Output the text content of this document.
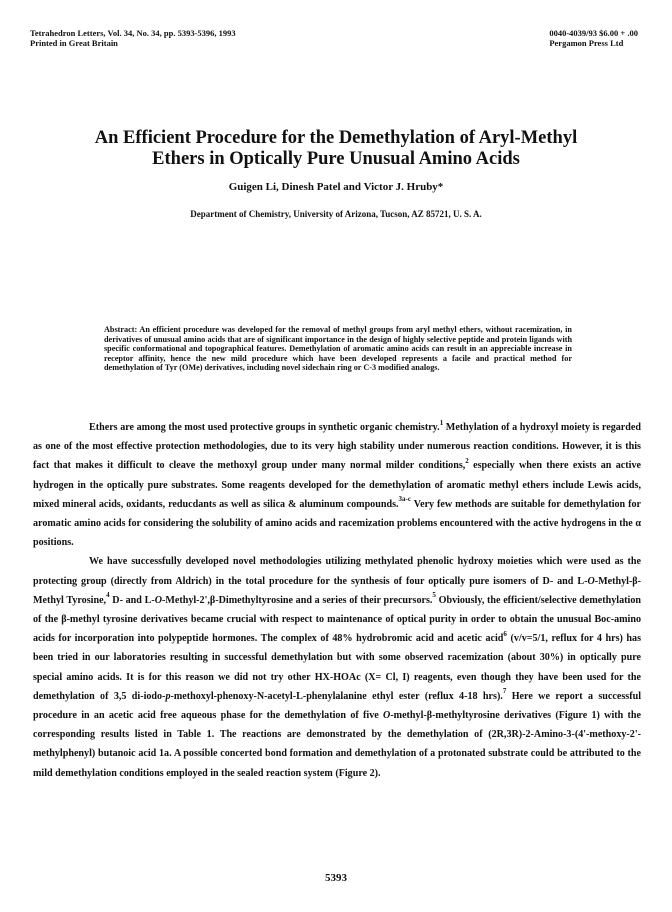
Tetrahedron Letters, Vol. 34, No. 34, pp. 5393-5396, 1993
Printed in Great Britain
0040-4039/93 $6.00 + .00
Pergamon Press Ltd
An Efficient Procedure for the Demethylation of Aryl-Methyl
Ethers in Optically Pure Unusual Amino Acids
Guigen Li, Dinesh Patel and Victor J. Hruby*
Department of Chemistry, University of Arizona, Tucson, AZ 85721, U. S. A.
Abstract: An efficient procedure was developed for the removal of methyl groups from aryl methyl ethers, without racemization, in derivatives of unusual amino acids that are of significant importance in the design of highly selective peptide and protein ligands with specific conformational and topographical features. Demethylation of aromatic amino acids can result in an appreciable increase in receptor affinity, hence the new mild procedure which have been developed represents a facile and practical method for demethylation of Tyr (OMe) derivatives, including novel sidechain ring or C-3 modified analogs.

Ethers are among the most used protective groups in synthetic organic chemistry.$^1$ Methylation of a hydroxyl moiety is regarded as one of the most effective protection methodologies, due to its very high stability under numerous reaction conditions. However, it is this fact that makes it difficult to cleave the methoxyl group under many normal milder conditions,$^2$ especially when there exists an active hydrogen in the optically pure substrates. Some reagents developed for the demethylation of aromatic methyl ethers include Lewis acids, mixed mineral acids, oxidants, reducdants as well as silica & aluminum compounds.$^{3a-c}$ Very few methods are suitable for demethylation for aromatic amino acids for considering the solubility of amino acids and racemization problems encountered with the active hydrogens in the α positions.

We have successfully developed novel methodologies utilizing methylated phenolic hydroxy moieties which were used as the protecting group (directly from Aldrich) in the total procedure for the synthesis of four optically pure isomers of D- and L-O-Methyl-β-Methyl Tyrosine,$^4$ D- and L-O-Methyl-2',β-Dimethyltyrosine and a series of their precursors.$^5$ Obviously, the efficient/selective demethylation of the β-methyl tyrosine derivatives became crucial with respect to maintenance of optical purity in order to obtain the unusual Boc-amino acids for incorporation into polypeptide hormones. The complex of 48% hydrobromic acid and acetic acid$^6$ (v/v=5/1, reflux for 4 hrs) has been tried in our laboratories resulting in successful demethylation but with some observed racemization (about 30%) in optically pure special amino acids. It is for this reason we did not try other HX-HOAc (X= Cl, I) reagents, even though they have been used for the demethylation of 3,5 di-iodo-p-methoxyl-phenoxy-N-acetyl-L-phenylalanine ethyl ester (reflux 4-18 hrs).$^7$ Here we report a successful procedure in an acetic acid free aqueous phase for the demethylation of five O-methyl-β-methyltyrosine derivatives (Figure 1) with the corresponding results listed in Table 1. The reactions are demonstrated by the demethylation of (2R,3R)-2-Amino-3-(4'-methoxy-2'-methylphenyl) butanoic acid 1a. A possible concerted bond formation and demethylation of a protonated substrate could be attributed to the mild demethylation conditions employed in the sealed reaction system (Figure 2).

5393
